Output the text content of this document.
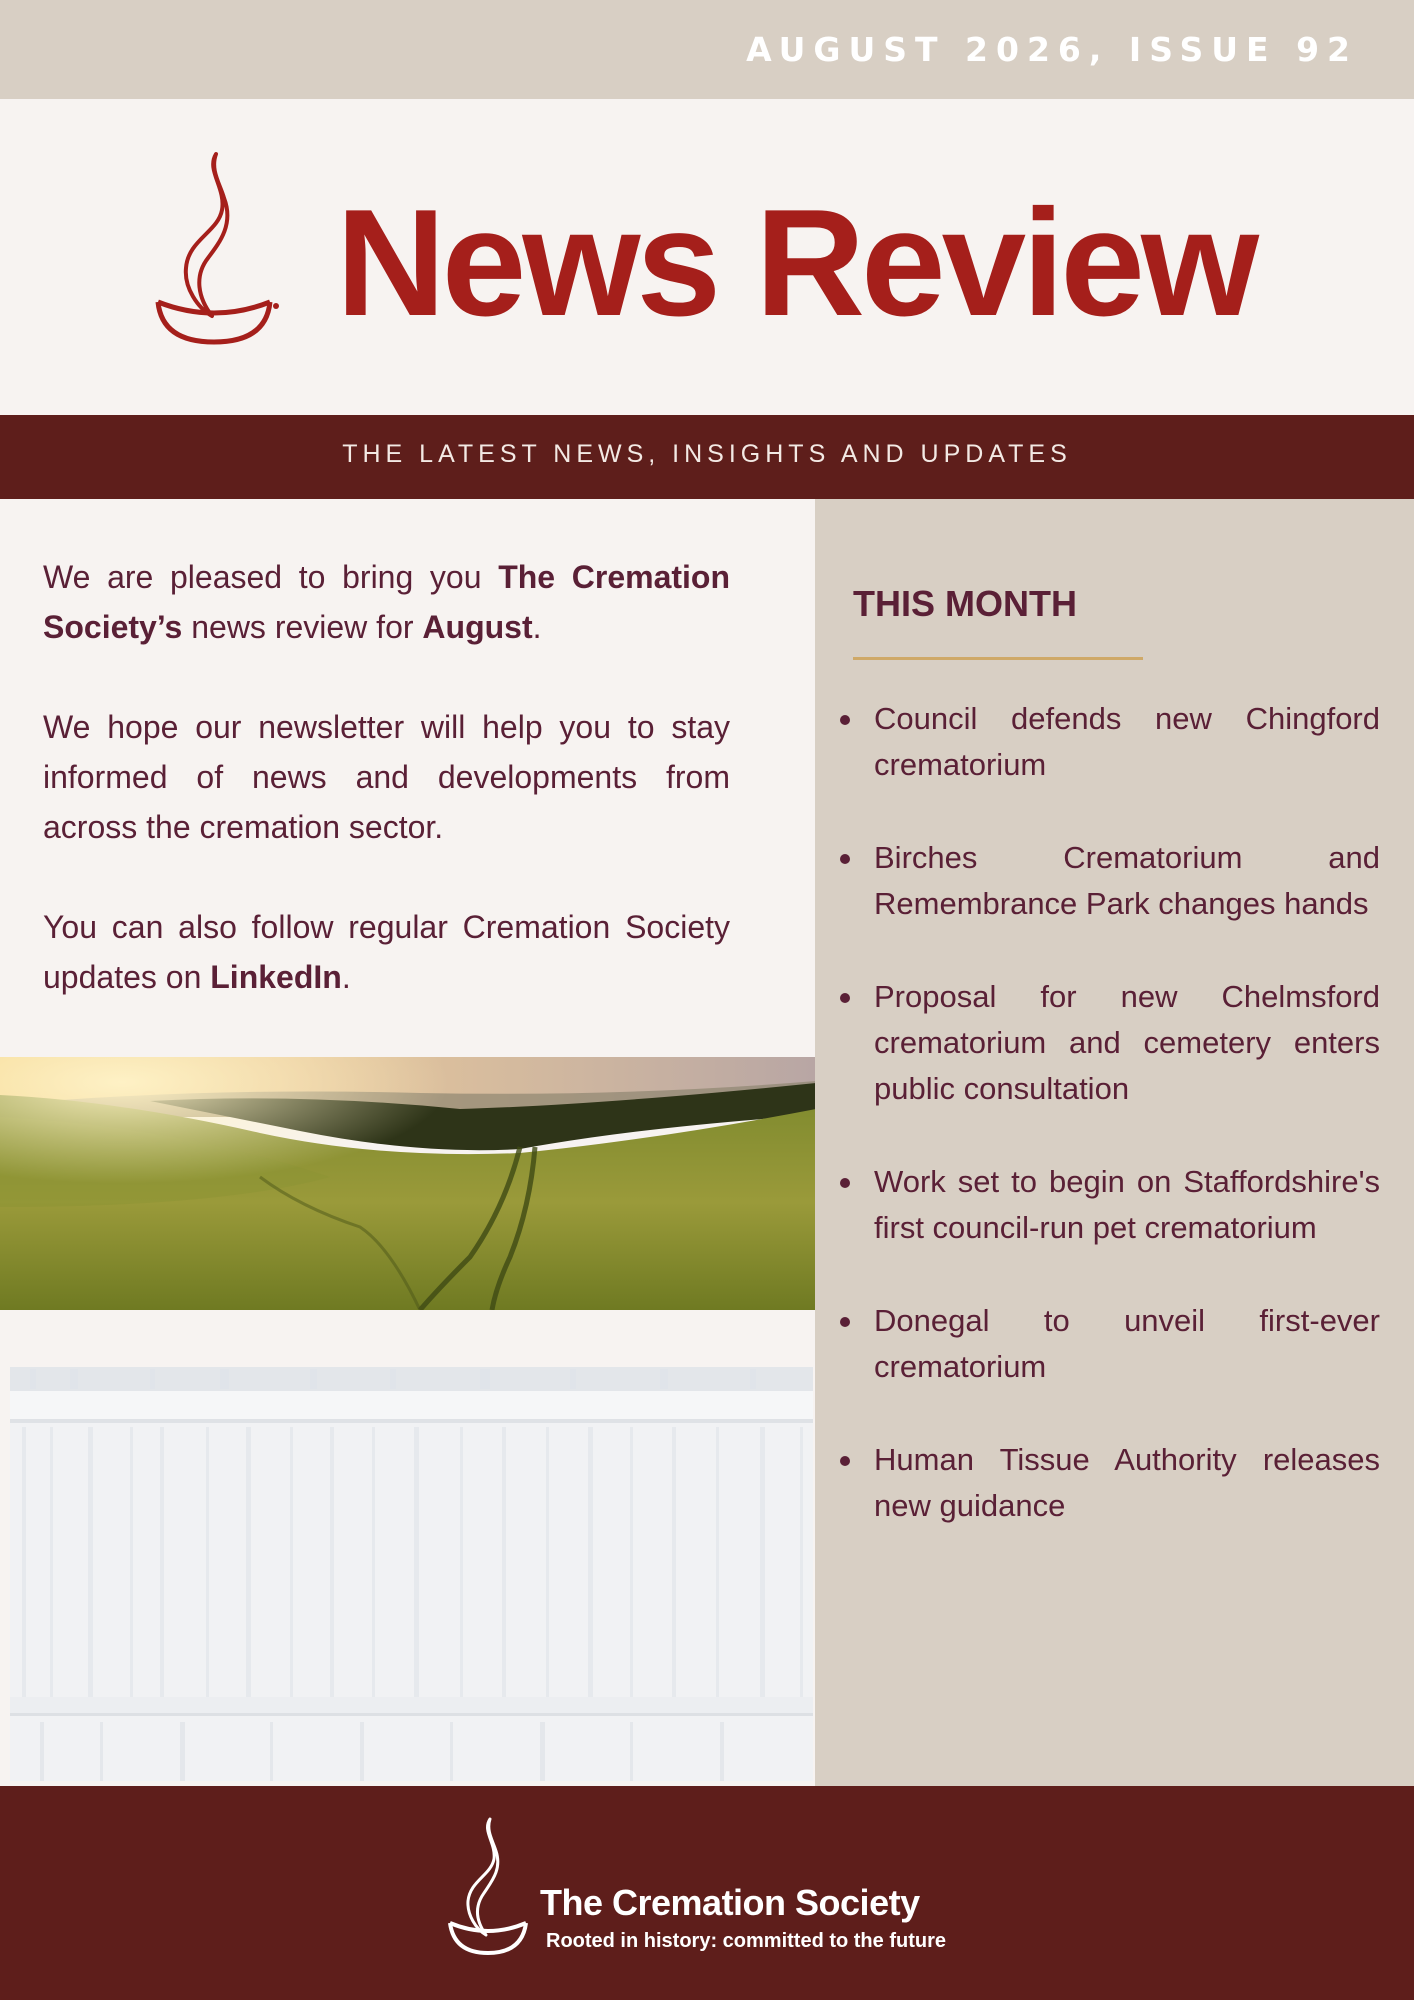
AUGUST 2026, ISSUE 92
News Review
THE LATEST NEWS, INSIGHTS AND UPDATES

We are pleased to bring you The Cremation Society’s news review for August.

We hope our newsletter will help you to stay informed of news and developments from across the cremation sector.

You can also follow regular Cremation Society updates on LinkedIn.

THIS MONTH
Council defends new Chingford crematorium
Birches Crematorium and Remembrance Park changes hands
Proposal for new Chelmsford crematorium and cemetery enters public consultation
Work set to begin on Staffordshire's first council-run pet crematorium
Donegal to unveil first-ever crematorium
Human Tissue Authority releases new guidance
The Cremation Society
Rooted in history: committed to the future
